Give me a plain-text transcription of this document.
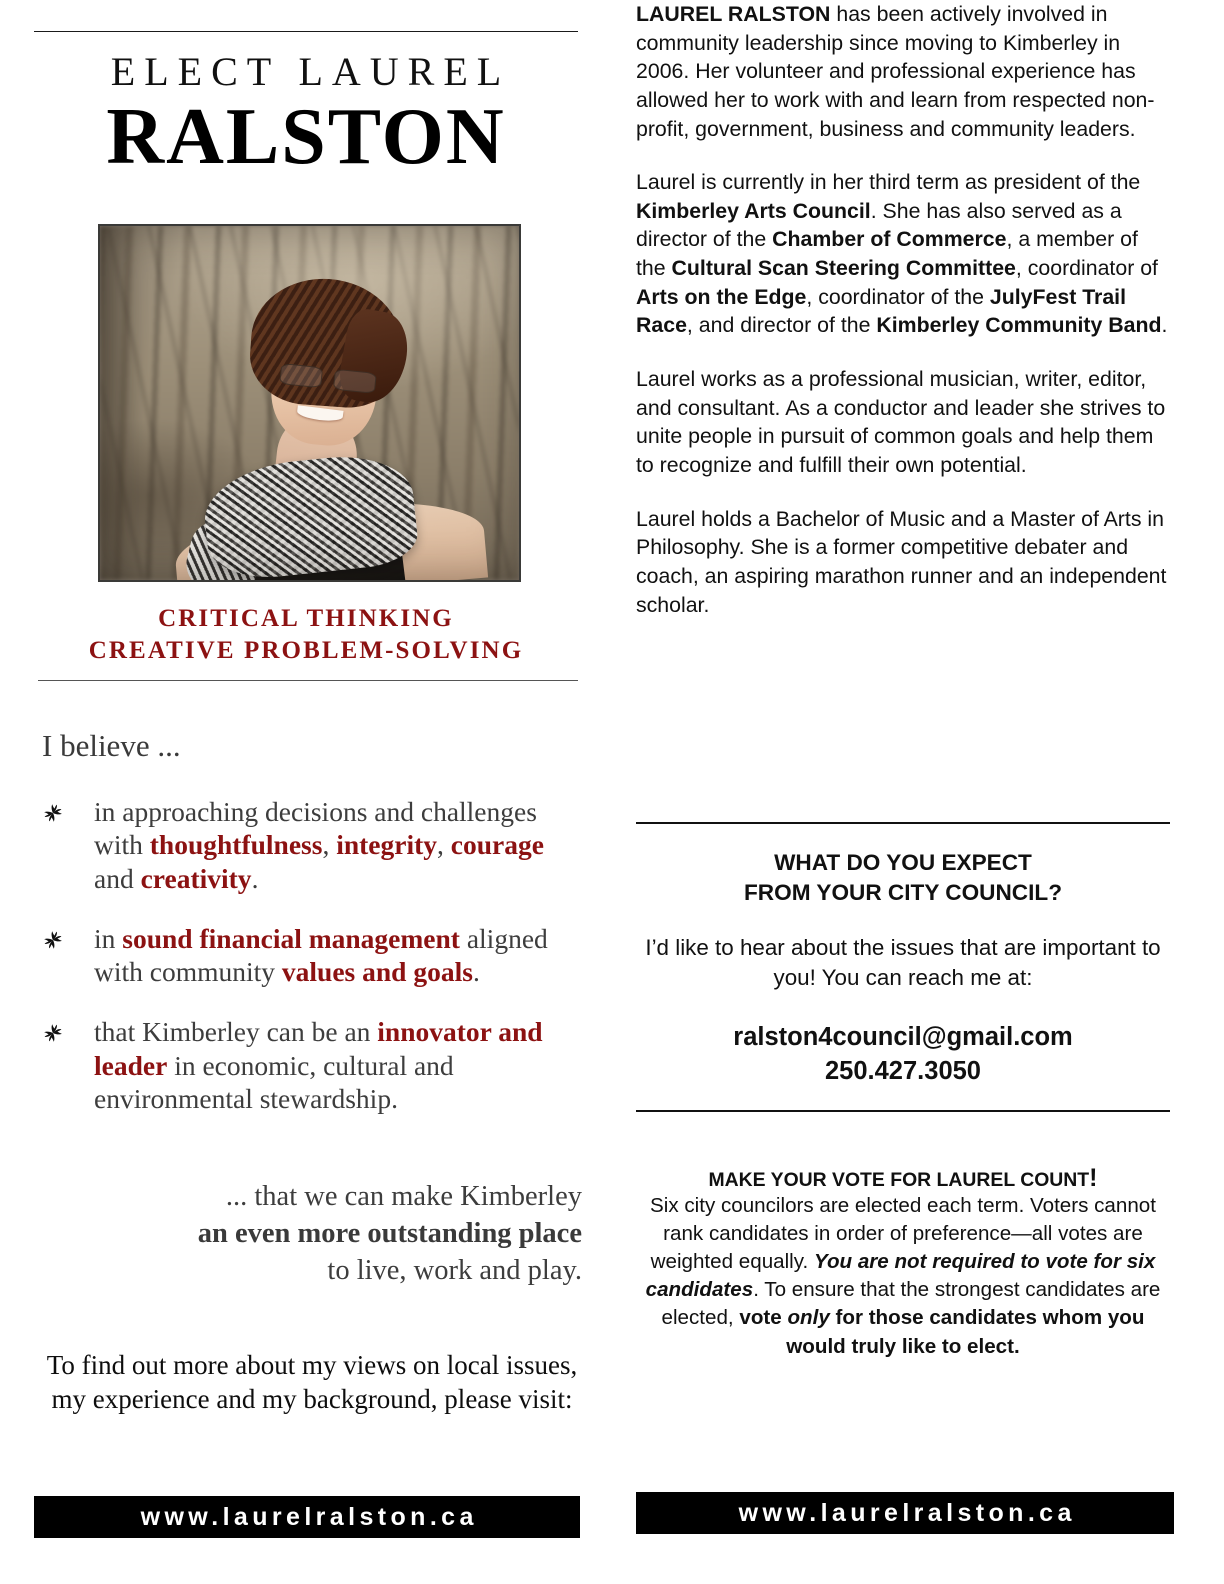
ELECT LAUREL
RALSTON
CRITICAL THINKING
CREATIVE PROBLEM-SOLVING
I believe ...
in approaching decisions and challenges with thoughtfulness, integrity, courage and creativity.
in sound financial management aligned with community values and goals.
that Kimberley can be an innovator and leader in economic, cultural and environmental stewardship.
... that we can make Kimberley
an even more outstanding place
to live, work and play.
To find out more about my views on local issues, my experience and my background, please visit:
www.laurelralston.ca

LAUREL RALSTON has been actively involved in community leadership since moving to Kimberley in 2006. Her volunteer and professional experience has allowed her to work with and learn from respected non-profit, government, business and community leaders.

Laurel is currently in her third term as president of the Kimberley Arts Council. She has also served as a director of the Chamber of Commerce, a member of the Cultural Scan Steering Committee, coordinator of Arts on the Edge, coordinator of the JulyFest Trail Race, and director of the Kimberley Community Band.

Laurel works as a professional musician, writer, editor, and consultant. As a conductor and leader she strives to unite people in pursuit of common goals and help them to recognize and fulfill their own potential.

Laurel holds a Bachelor of Music and a Master of Arts in Philosophy. She is a former competitive debater and coach, an aspiring marathon runner and an independent scholar.

WHAT DO YOU EXPECT
FROM YOUR CITY COUNCIL?
I’d like to hear about the issues that are important to you! You can reach me at:
ralston4council@gmail.com
250.427.3050
MAKE YOUR VOTE FOR LAUREL COUNT!
Six city councilors are elected each term. Voters cannot rank candidates in order of preference—all votes are weighted equally. You are not required to vote for six candidates. To ensure that the strongest candidates are elected, vote only for those candidates whom you would truly like to elect.
www.laurelralston.ca
